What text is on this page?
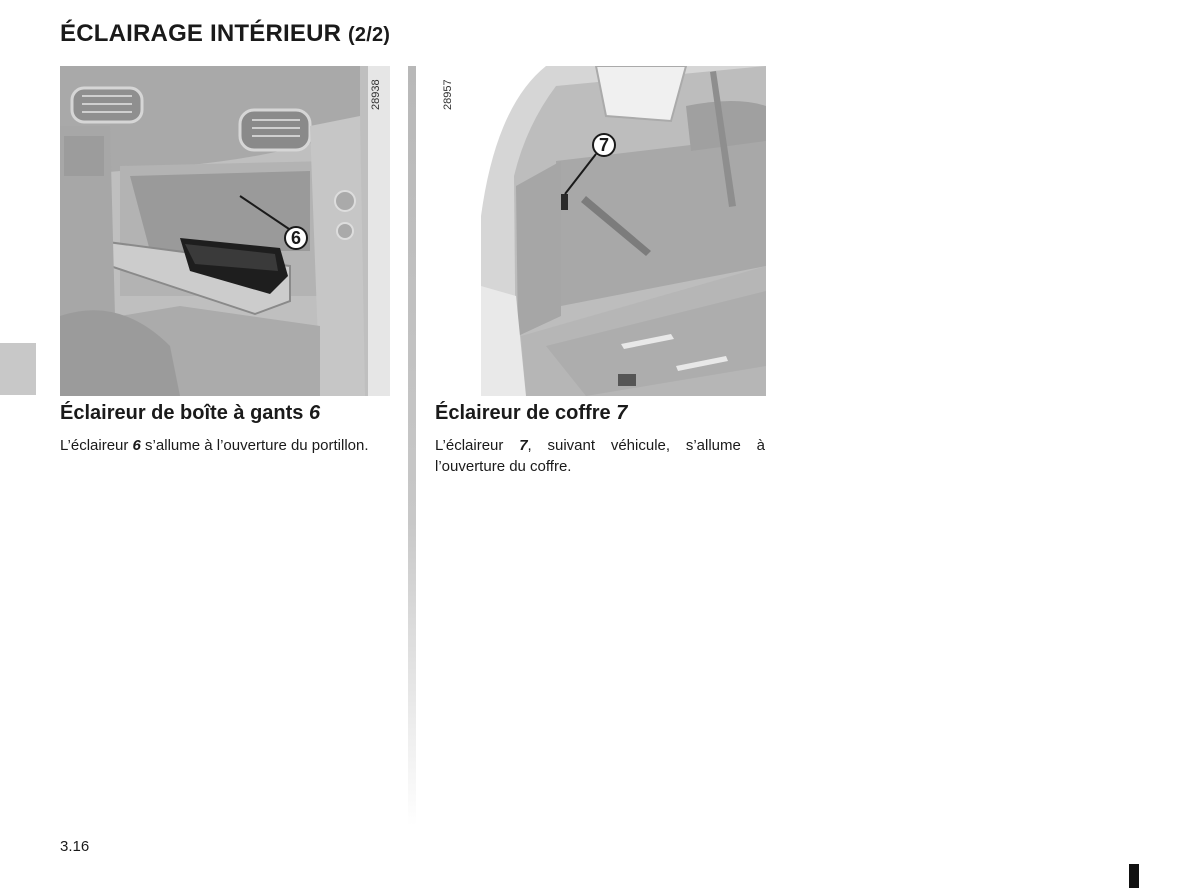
ÉCLAIRAGE INTÉRIEUR (2/2)
28938
6
28957
7
Éclaireur de boîte à gants 6

L’éclaireur 6 s’allume à l’ouverture du portillon.

Éclaireur de coffre 7

L’éclaireur 7, suivant véhicule, s’allume à l’ouverture du coffre.

3.16
